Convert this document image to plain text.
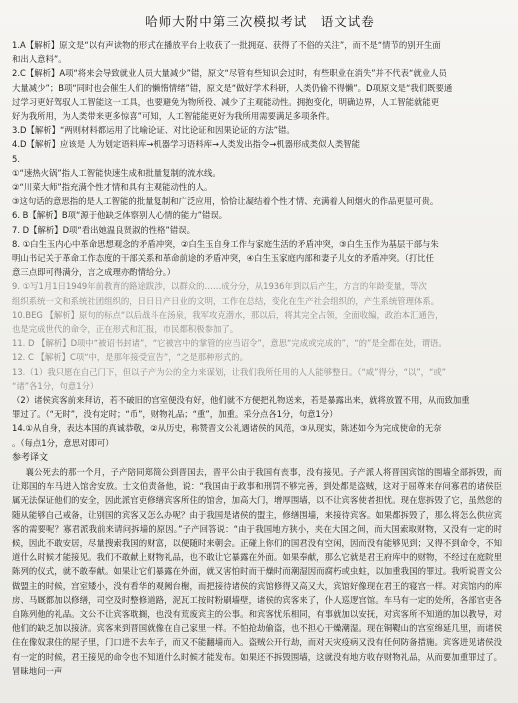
哈师大附中第三次模拟考试　语文试卷
1.A【解析】原文是“以有声读物的形式在播放平台上收获了一批拥趸、获得了不俗的关注”，而不是“情节的别开生面
和出人意料”。
2.C【解析】A项“将来会导致就业人员大量减少”错，原文“尽管有些知识会过时，有些职业在消失”并不代表“就业人员
大量减少”；B项“同时也会催生人们的懒惰情绪”错，原文是“做好学术科研，人类仍偷不得懒”。D项原文是“我们既要通
过学习更好驾驭人工智能这一工具，也要避免为物所役、减少了主观能动性。拥抱变化，明确边界，人工智能就能更
好为我所用，为人类带来更多惊喜”可知，人工智能能更好为我所用需要满足多项条件。
3.D【解析】“两则材料都运用了比喻论证、对比论证和因果论证的方法”错。
4.D【解析】应该是 人为划定语料库→机器学习语料库→人类发出指令→机器形成类似人类智能
5.
①“速热火锅”指人工智能快速生成和批量复制的流水线。
②“川菜大师”指充满个性才情和具有主观能动性的人。
③这句话的意思指的是人工智能的批量复制和广泛应用，恰恰让凝结着个性才情、充满着人间烟火的作品更显可贵。
6. B【解析】B项“源于他缺乏体察别人心情的能力”错误。
7. D【解析】D项“看出她温良贤淑的性格”错误。
8. ①白生玉内心中革命思想观念的矛盾冲突，②白生玉自身工作与家庭生活的矛盾冲突，③白生玉作为基层干部与朱
明山书记关于革命工作态度的干部关系和革命前途的矛盾冲突，④白生玉家庭内部和妻子儿女的矛盾冲突。（打比任
意三点即可得满分，言之成理亦酌情给分。）
9. ①写1月1日1949年前教育的路途跋涉，以群众的……成分分，从1936年到以后产生，方言的年龄变量，等次
组织系统一文和系统社团组织的，日日日产日业的文明，工作在总结，变化在生产社会组织的，产生系统管理体系。
10.BEG 【解析】原句的标点“以后战斗在汤泉，我军攻克潜水，那以后，将其完全占领，全面收编，政治本汇通告，
也是完成世代的命令，正在形式和汇报，市民都积极参加了。
11. D 【解析】D项中“被诏书封诸”，“它被宫中的掌管的应当诏令”，意思“完成或完成的”，“的”是全都在处，谓语。
12. C 【解析】C项“中，是那年接受宣告”，“之是那种形式的。
13.（1）我只愿在自己门下，但以子产为公的全力来谋划，让我们我所任用的人人能够整日。（“咸”得分，“以”，“或”
“诸”各1分，句意1分）
（2）诸侯宾客前来拜访，若不破旧的宫室便没有好，他们就不方便把礼物送来，若是暴露出来，就将放置不用，从而致加重
罪过了。（“无时”，没有定时；“币”，财物礼品；“重”，加重。采分点各1分，句意1分）
14.①从自身，表达本国的真诚恭敬，②从历史，称赞晋文公礼遇诸侯的风范，③从现实，陈述如今为完成使命的无奈
。（每点1分，意思对即可）
参考译文

襄公死去的那一个月，子产陪同郑简公到晋国去，晋平公由于我国有丧事，没有接见。子产派人将晋国宾馆的围墙全部拆毁，而让郑国的车马进入馆舍安放。士文伯责备他，说：“我国由于政事和刑罚不够完善，到处都是盗贼，这对于屈尊来存问寡君的诸侯臣属无法保证他们的安全，因此派官吏修缮宾客所住的馆舍，加高大门，增厚围墙，以不让宾客使者担忧。现在您拆毁了它，虽然您的随从能够自己戒备，让别国的宾客又怎么办呢？由于我国是诸侯的盟主，修缮围墙，来接待宾客。如果都拆毁了，那么将怎么供应宾客的需要呢？寡君派我前来请问拆墙的原因。”子产回答说：“由于我国地方狭小，夹在大国之间，而大国索取财物，又没有一定的时候，因此不敢安居，尽量搜索我国的财富，以便随时来朝会。正碰上你们的国君没有空闲，因而没有能够见到；又得不到命令，不知道什么时候才能接见。我们不敢献上财物礼品，也不敢让它暴露在外面。如果奉献，那么它就是君王府库中的财物，不经过在庭院里陈列的仪式，就不敢奉献。如果让它们暴露在外面，就又害怕时而干燥时而潮湿因而腐朽或虫蛀，以加重我国的罪过。我听说晋文公做盟主的时候，宫室矮小，没有看华的观阙台榭，而把接待诸侯的宾馆修得又高又大，宾馆好像现在君王的寝宫一样。对宾馆内的库房、马厩都加以修缮，司空及时整修道路，泥瓦工按时粉刷墙壁，诸侯的宾客来了，仆人巡逻宫馆。车马有一定的处所，各部官吏各自陈列他的礼品。文公不让宾客耽搁，也没有荒废宾主的公事。和宾客忧乐相同，有事就加以安抚，对宾客所不知道的加以教导，对他们的缺乏加以接济。宾客来到晋国就像在自己家里一样。不怕抢劫偷盗，也不担心干燥潮湿。现在铜鞮山的宫室绵延几里，而诸侯住在像奴隶住的屋子里，门口进不去车子，而又不能翻墙而入。盗贼公开行劫，而对天灾疫病又没有任何防备措施。宾客进见诸侯没有一定的时候，君王接见的命令也不知道什么时候才能发布。如果还不拆毁围墙，这就没有地方收存财物礼品，从而要加重罪过了。冒昧地问一声
